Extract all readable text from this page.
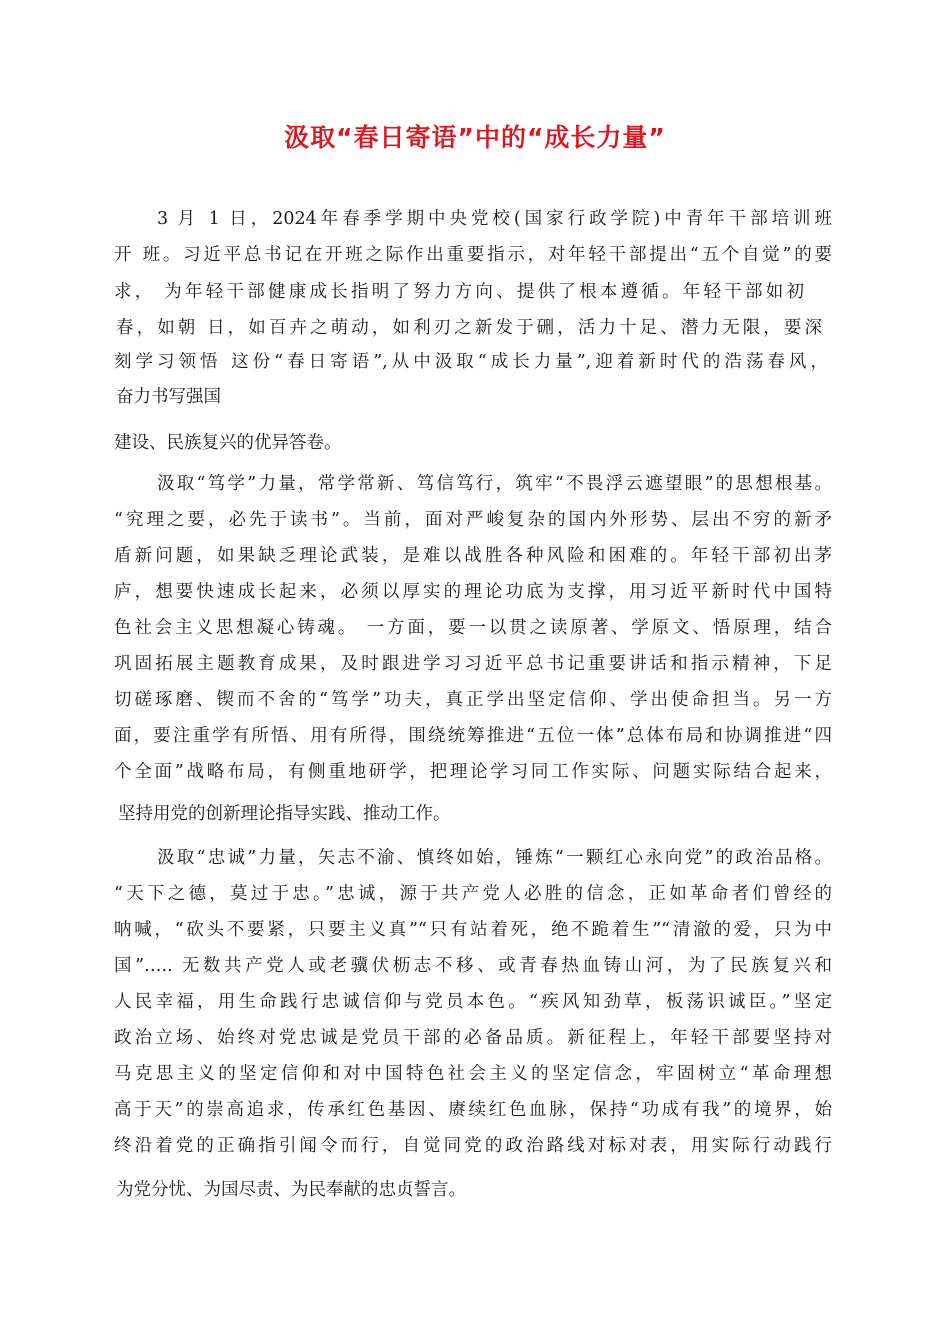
汲取“春日寄语”中的“成长力量”
3 月 1 日，2024年春季学期中央党校(国家行政学院)中青年干部培训班
开 班。习近平总书记在开班之际作出重要指示，对年轻干部提出“五个自觉”的要
求， 为年轻干部健康成长指明了努力方向、提供了根本遵循。年轻干部如初
春，如朝 日，如百卉之萌动，如利刃之新发于硎，活力十足、潜力无限，要深
刻学习领悟 这份“春日寄语”,从中汲取“成长力量”,迎着新时代的浩荡春风，
奋力书写强国
建设、民族复兴的优异答卷。
汲取“笃学”力量，常学常新、笃信笃行，筑牢“不畏浮云遮望眼”的思想根基。
“究理之要，必先于读书”。当前，面对严峻复杂的国内外形势、层出不穷的新矛
盾新问题，如果缺乏理论武装，是难以战胜各种风险和困难的。年轻干部初出茅
庐，想要快速成长起来，必须以厚实的理论功底为支撑，用习近平新时代中国特
色社会主义思想凝心铸魂。 一方面，要一以贯之读原著、学原文、悟原理，结合
巩固拓展主题教育成果，及时跟进学习习近平总书记重要讲话和指示精神，下足
切磋琢磨、锲而不舍的“笃学”功夫，真正学出坚定信仰、学出使命担当。另一方
面，要注重学有所悟、用有所得，围绕统筹推进“五位一体”总体布局和协调推进“四
个全面”战略布局，有侧重地研学，把理论学习同工作实际、问题实际结合起来，
坚持用党的创新理论指导实践、推动工作。
汲取“忠诚”力量，矢志不渝、慎终如始，锤炼“一颗红心永向党”的政治品格。
“天下之德，莫过于忠。”忠诚，源于共产党人必胜的信念，正如革命者们曾经的
呐喊，“砍头不要紧，只要主义真”“只有站着死，绝不跪着生”“清澈的爱，只为中
国”….. 无数共产党人或老骥伏枥志不移、或青春热血铸山河，为了民族复兴和
人民幸福，用生命践行忠诚信仰与党员本色。“疾风知劲草，板荡识诚臣。”坚定
政治立场、始终对党忠诚是党员干部的必备品质。新征程上，年轻干部要坚持对
马克思主义的坚定信仰和对中国特色社会主义的坚定信念，牢固树立“革命理想
高于天”的崇高追求，传承红色基因、赓续红色血脉，保持“功成有我”的境界，始
终沿着党的正确指引闻令而行，自觉同党的政治路线对标对表，用实际行动践行
为党分忧、为国尽责、为民奉献的忠贞誓言。
